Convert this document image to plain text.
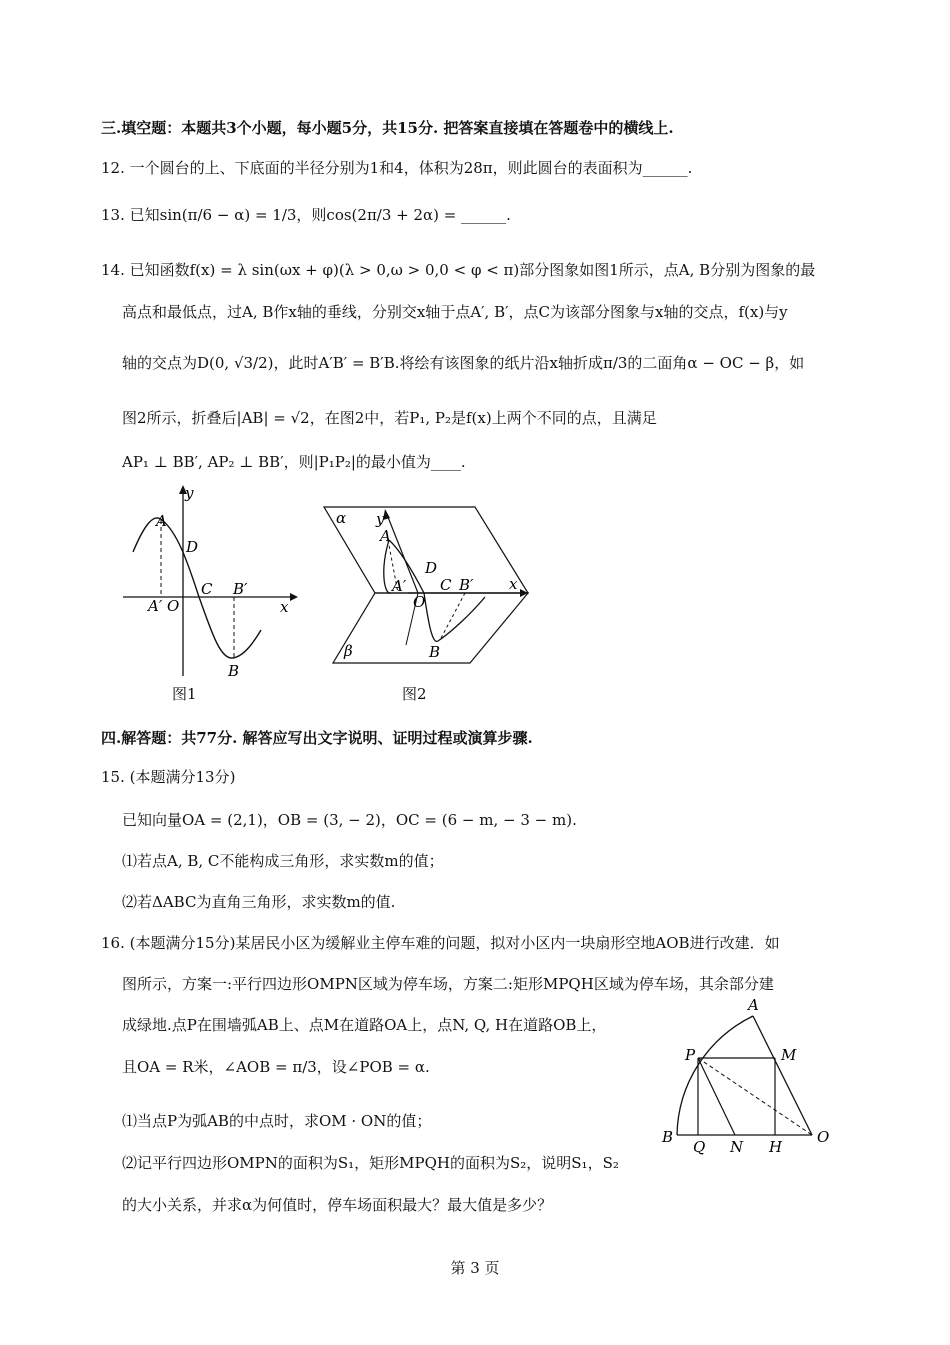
三.填空题：本题共3个小题，每小题5分，共15分. 把答案直接填在答题卷中的横线上.
12. 一个圆台的上、下底面的半径分别为1和4，体积为28π，则此圆台的表面积为______.
13. 已知sin(π/6 − α) = 1/3，则cos(2π/3 + 2α) = ______.
14. 已知函数f(x) = λ sin(ωx + φ)(λ > 0,ω > 0,0 < φ < π)部分图象如图1所示，点A, B分别为图象的最
高点和最低点，过A, B作x轴的垂线，分别交x轴于点A′, B′，点C为该部分图象与x轴的交点，f(x)与y
轴的交点为D(0, √3/2)，此时A′B′ = B′B.将绘有该图象的纸片沿x轴折成π/3的二面角α − OC − β，如
图2所示，折叠后|AB| = √2，在图2中，若P₁, P₂是f(x)上两个不同的点，且满足
AP₁ ⊥ BB′, AP₂ ⊥ BB′，则|P₁P₂|的最小值为____.
y
x
A
D
C B′
A′ O
B
图1
α
β
y
x
A
D
C B′
A′
O
B
图2
四.解答题：共77分. 解答应写出文字说明、证明过程或演算步骤.
15. (本题满分13分)
已知向量OA = (2,1)，OB = (3, − 2)，OC = (6 − m, − 3 − m).
⑴若点A, B, C不能构成三角形，求实数m的值；
⑵若ΔABC为直角三角形，求实数m的值.
16. (本题满分15分)某居民小区为缓解业主停车难的问题，拟对小区内一块扇形空地AOB进行改建．如
图所示，方案一:平行四边形OMPN区域为停车场，方案二:矩形MPQH区域为停车场，其余部分建
成绿地.点P在围墙弧AB上、点M在道路OA上，点N, Q, H在道路OB上，
且OA = R米，∠AOB = π/3，设∠POB = α.
⑴当点P为弧AB的中点时，求OM · ON的值；
⑵记平行四边形OMPN的面积为S₁，矩形MPQH的面积为S₂，说明S₁，S₂
的大小关系，并求α为何值时，停车场面积最大？最大值是多少？
A
P	M
B
Q N H
O
第 3 页
